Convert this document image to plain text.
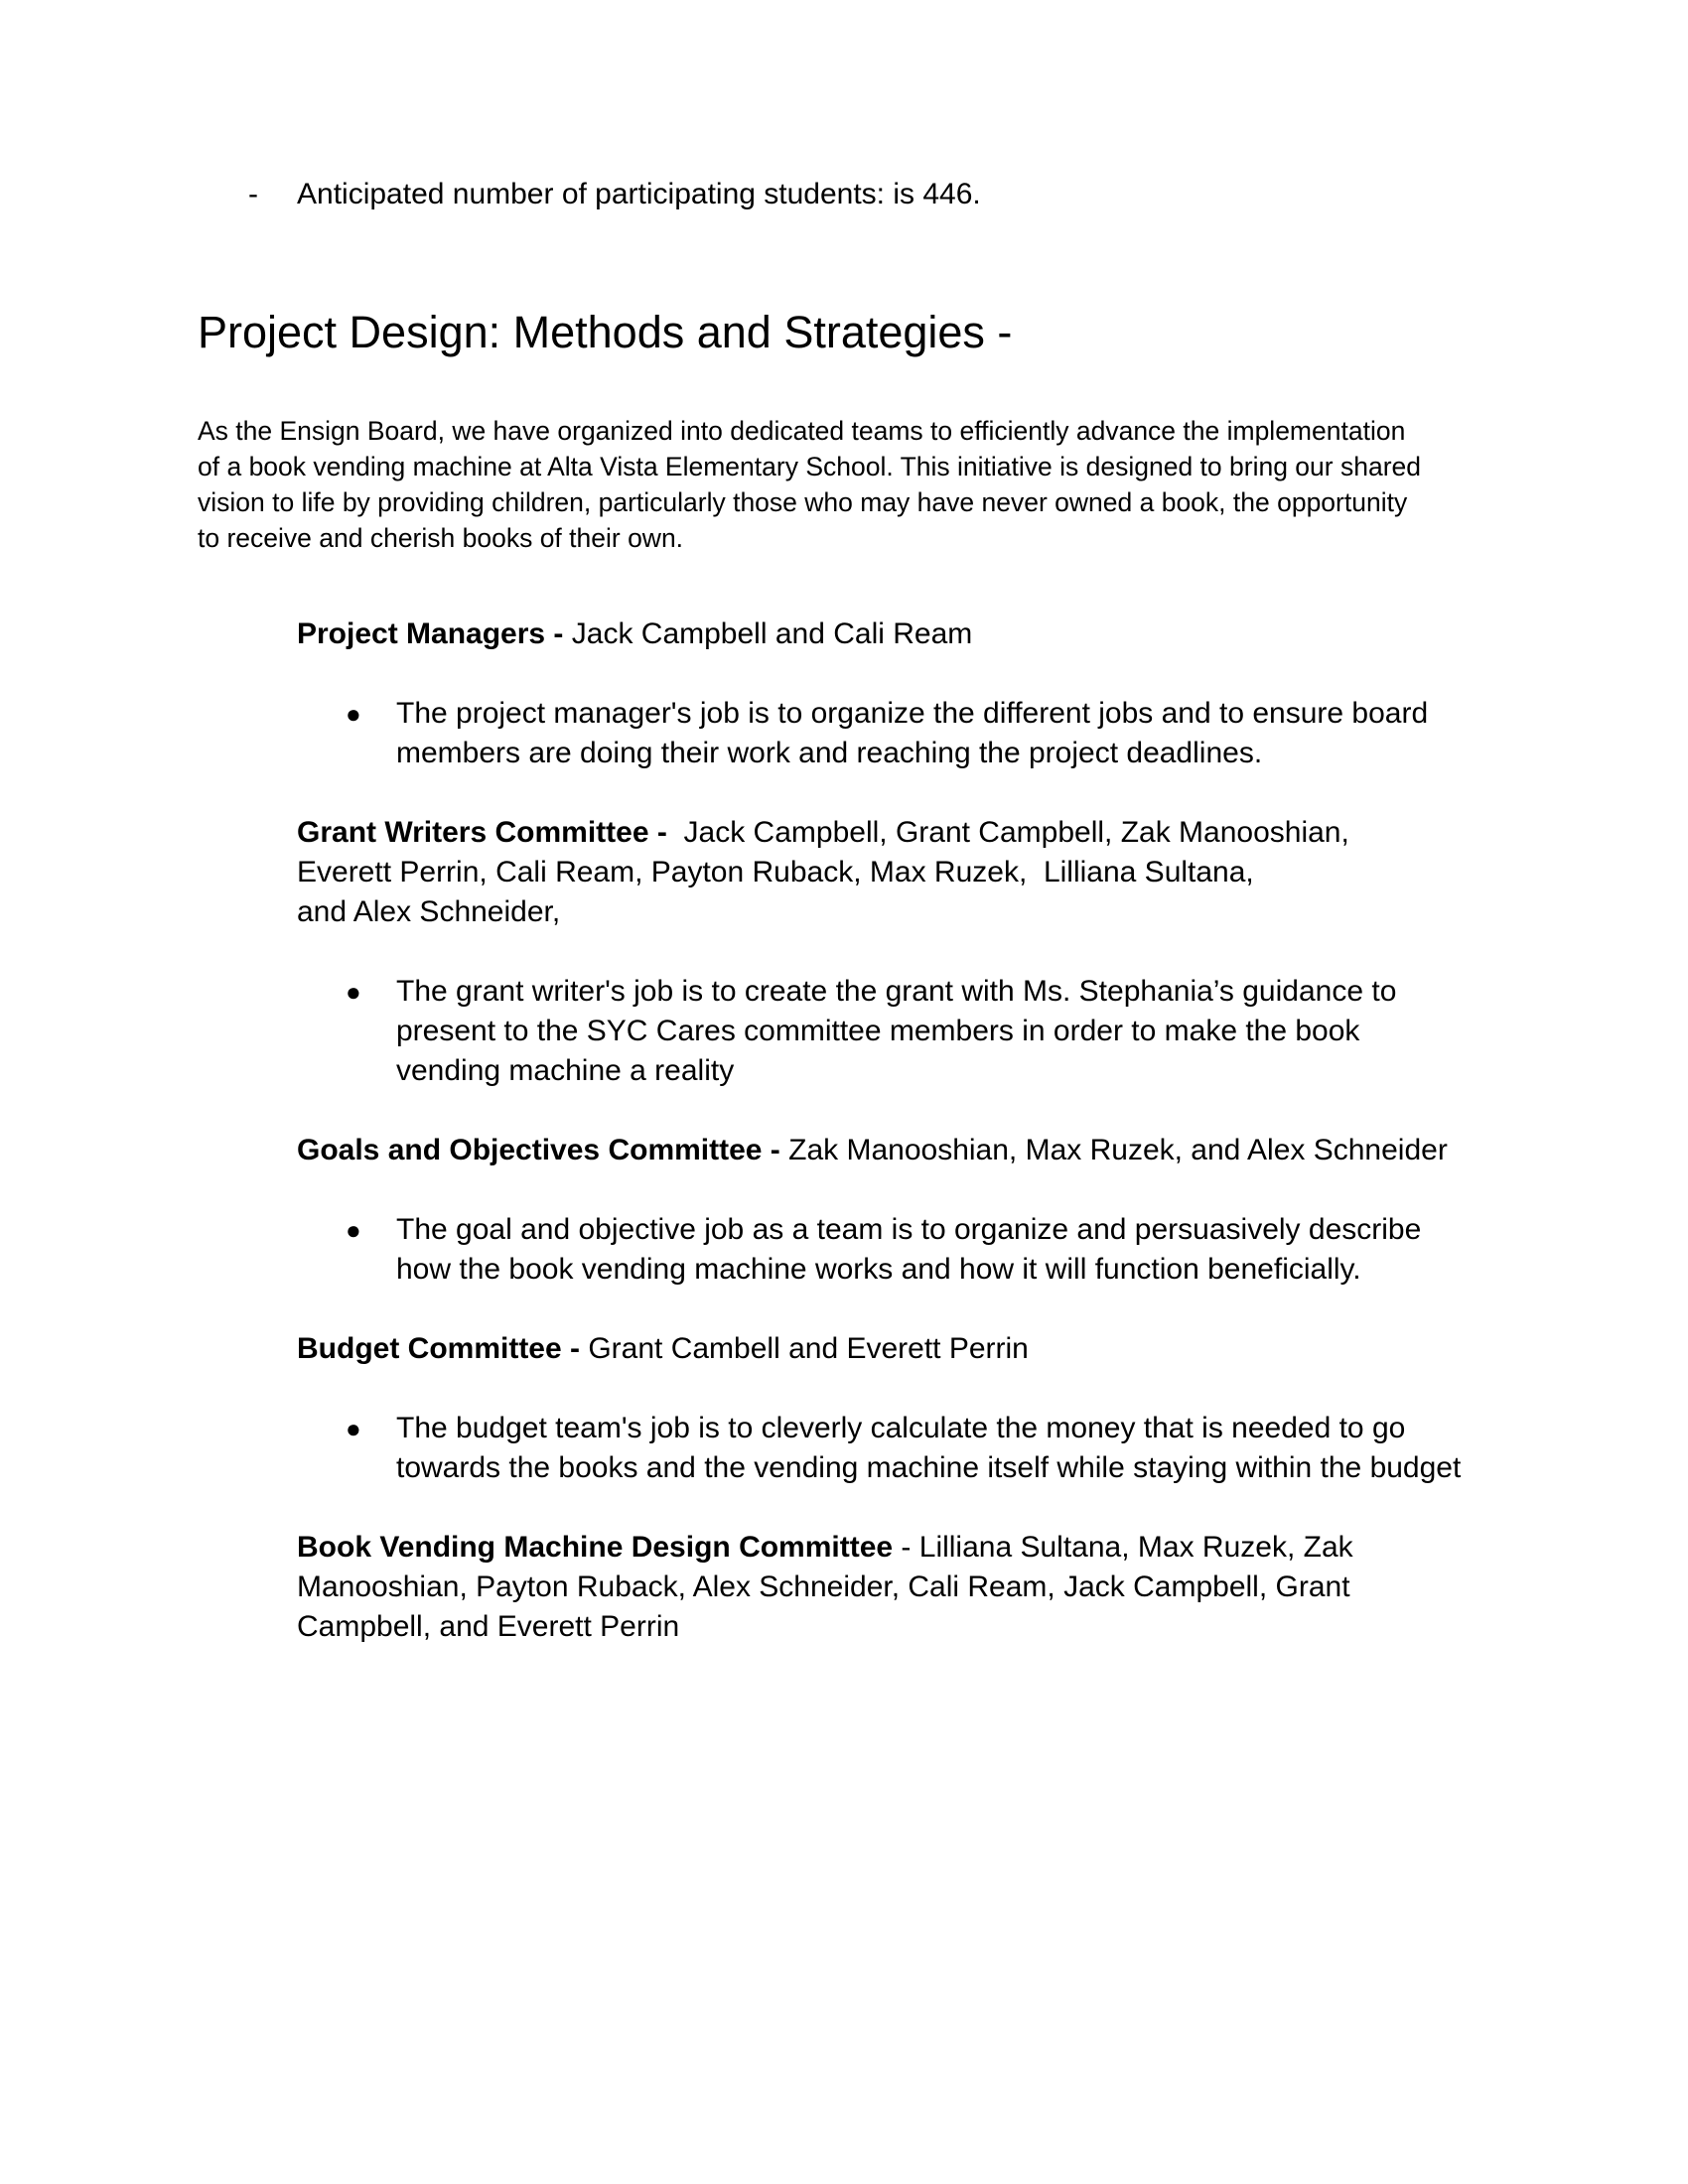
- Anticipated number of participating students: is 446.
Project Design: Methods and Strategies -
As the Ensign Board, we have organized into dedicated teams to efficiently advance the implementation
of a book vending machine at Alta Vista Elementary School. This initiative is designed to bring our shared
vision to life by providing children, particularly those who may have never owned a book, the opportunity
to receive and cherish books of their own.
Project Managers - Jack Campbell and Cali Ream
● The project manager's job is to organize the different jobs and to ensure board
members are doing their work and reaching the project deadlines.
Grant Writers Committee -  Jack Campbell, Grant Campbell, Zak Manooshian,
Everett Perrin, Cali Ream, Payton Ruback, Max Ruzek,  Lilliana Sultana,
and Alex Schneider,
● The grant writer's job is to create the grant with Ms. Stephania’s guidance to
present to the SYC Cares committee members in order to make the book
vending machine a reality
Goals and Objectives Committee - Zak Manooshian, Max Ruzek, and Alex Schneider
● The goal and objective job as a team is to organize and persuasively describe
how the book vending machine works and how it will function beneficially.
Budget Committee - Grant Cambell and Everett Perrin
● The budget team's job is to cleverly calculate the money that is needed to go
towards the books and the vending machine itself while staying within the budget
Book Vending Machine Design Committee - Lilliana Sultana, Max Ruzek, Zak
Manooshian, Payton Ruback, Alex Schneider, Cali Ream, Jack Campbell, Grant
Campbell, and Everett Perrin
